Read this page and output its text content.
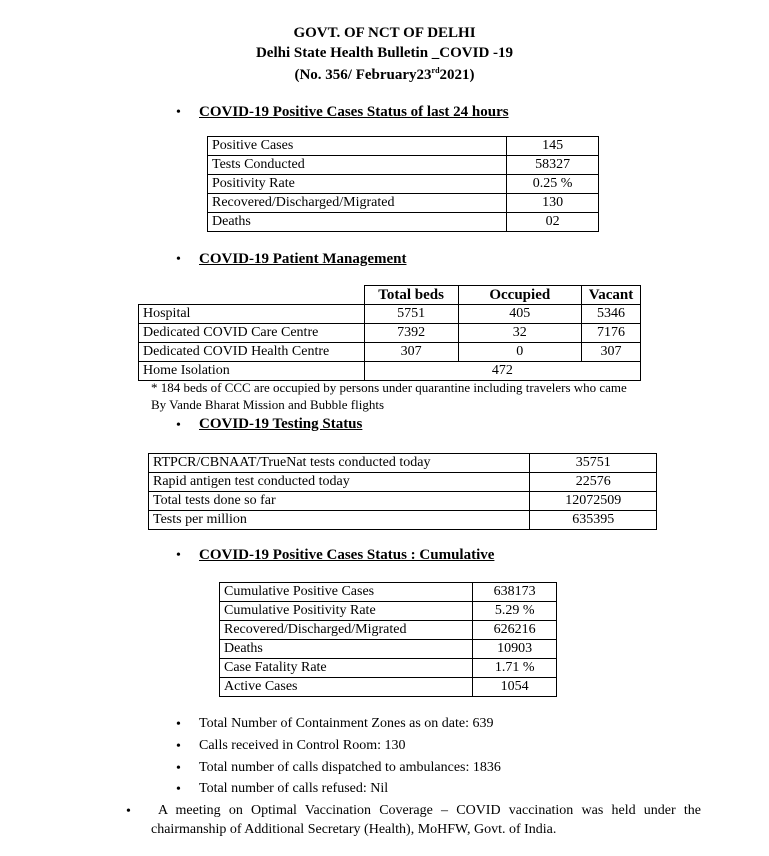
GOVT. OF NCT OF DELHI
Delhi State Health Bulletin _COVID -19
(No. 356/ February23rd2021)
• COVID-19 Positive Cases Status of last 24 hours
Positive Cases	145
Tests Conducted	58327
Positivity Rate	0.25 %
Recovered/Discharged/Migrated	130
Deaths	02
• COVID-19 Patient Management
	Total beds	Occupied	Vacant
Hospital	5751	405	5346
Dedicated COVID Care Centre	7392	32	7176
Dedicated COVID Health Centre	307	0	307
Home Isolation	472		
* 184 beds of CCC are occupied by persons under quarantine including travelers who came
By Vande Bharat Mission and Bubble flights
• COVID-19 Testing Status
RTPCR/CBNAAT/TrueNat tests conducted today	35751
Rapid antigen test conducted today	22576
Total tests done so far	12072509
Tests per million	635395
• COVID-19 Positive Cases Status : Cumulative
Cumulative Positive Cases	638173
Cumulative Positivity Rate	5.29 %
Recovered/Discharged/Migrated	626216
Deaths	10903
Case Fatality Rate	1.71 %
Active Cases	1054
• Total Number of Containment Zones as on date: 639
• Calls received in Control Room: 130
• Total number of calls dispatched to ambulances: 1836
• Total number of calls refused: Nil
• A meeting on Optimal Vaccination Coverage – COVID vaccination was held under the
chairmanship of Additional Secretary (Health), MoHFW, Govt. of India.
